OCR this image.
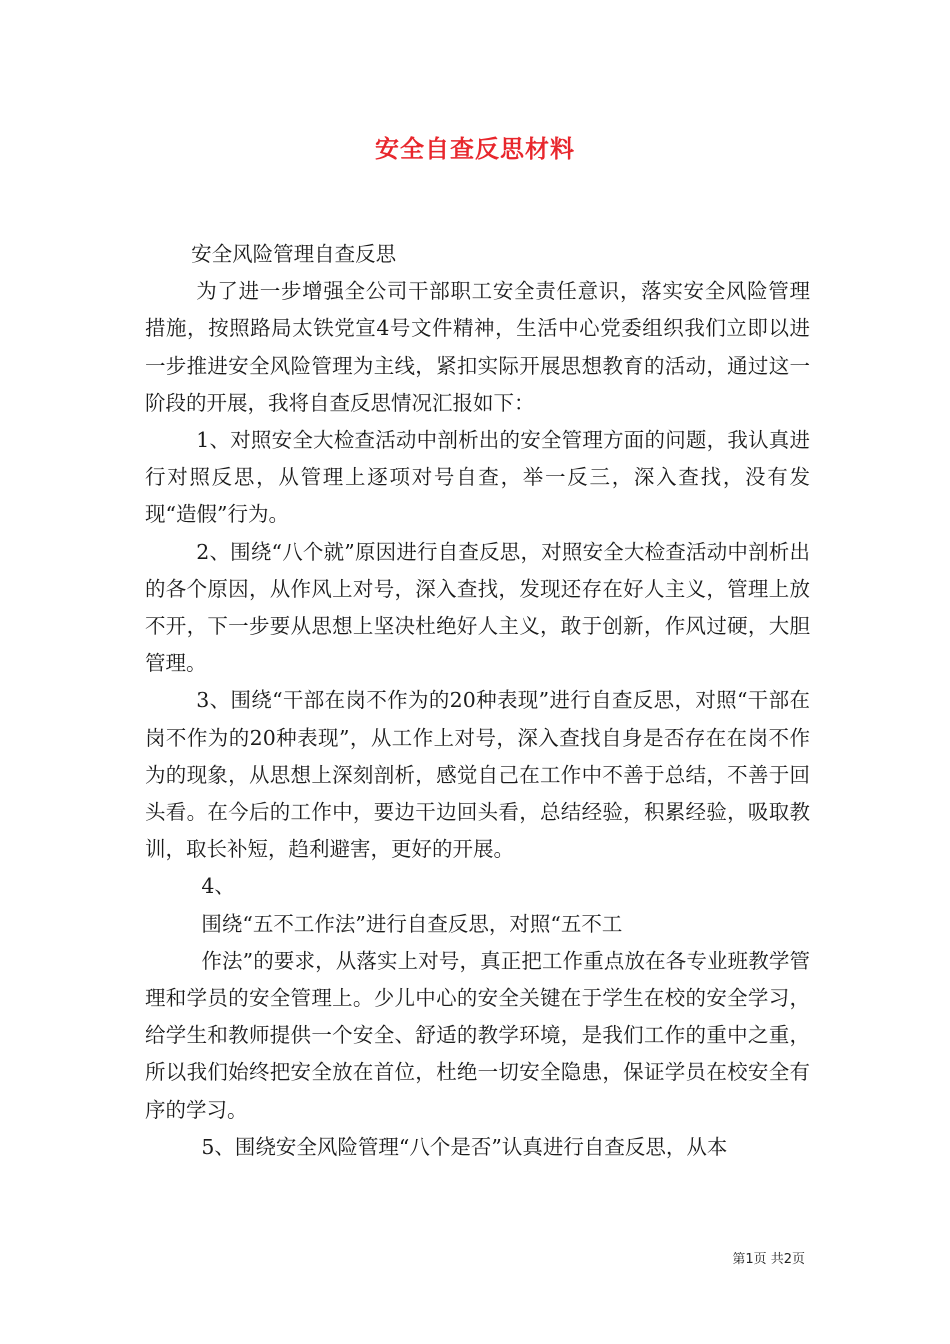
安全自查反思材料

安全风险管理自查反思

为了进一步增强全公司干部职工安全责任意识，落实安全风险管理措施，按照路局太铁党宣4号文件精神，生活中心党委组织我们立即以进一步推进安全风险管理为主线，紧扣实际开展思想教育的活动，通过这一阶段的开展，我将自查反思情况汇报如下：

1、对照安全大检查活动中剖析出的安全管理方面的问题，我认真进行对照反思，从管理上逐项对号自查，举一反三，深入查找，没有发现“造假”行为。

2、围绕“八个就”原因进行自查反思，对照安全大检查活动中剖析出的各个原因，从作风上对号，深入查找，发现还存在好人主义，管理上放不开，下一步要从思想上坚决杜绝好人主义，敢于创新，作风过硬，大胆管理。

3、围绕“干部在岗不作为的20种表现”进行自查反思，对照“干部在岗不作为的20种表现”，从工作上对号，深入查找自身是否存在在岗不作为的现象，从思想上深刻剖析，感觉自己在工作中不善于总结，不善于回头看。在今后的工作中，要边干边回头看，总结经验，积累经验，吸取教训，取长补短，趋利避害，更好的开展。

4、

围绕“五不工作法”进行自查反思，对照“五不工

作法”的要求，从落实上对号，真正把工作重点放在各专业班教学管理和学员的安全管理上。少儿中心的安全关键在于学生在校的安全学习，给学生和教师提供一个安全、舒适的教学环境，是我们工作的重中之重，所以我们始终把安全放在首位，杜绝一切安全隐患，保证学员在校安全有序的学习。

5、围绕安全风险管理“八个是否”认真进行自查反思，从本

第1页 共2页
